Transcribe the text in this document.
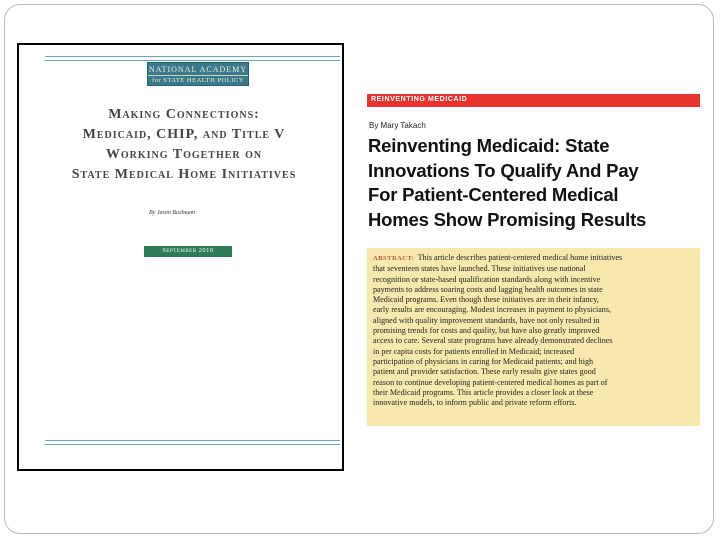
NATIONAL ACADEMY
for STATE HEALTH POLICY
Making Connections:
Medicaid, CHIP, and Title V
Working Together on
State Medical Home Initiatives
By Jason Buxbaum
September 2010
REINVENTING MEDICAID
By Mary Takach
Reinventing Medicaid: State
Innovations To Qualify And Pay
For Patient-Centered Medical
Homes Show Promising Results
ABSTRACT: This article describes patient-centered medical home initiatives
that seventeen states have launched. These initiatives use national
recognition or state-based qualification standards along with incentive
payments to address soaring costs and lagging health outcomes in state
Medicaid programs. Even though these initiatives are in their infancy,
early results are encouraging. Modest increases in payment to physicians,
aligned with quality improvement standards, have not only resulted in
promising trends for costs and quality, but have also greatly improved
access to care. Several state programs have already demonstrated declines
in per capita costs for patients enrolled in Medicaid; increased
participation of physicians in caring for Medicaid patients; and high
patient and provider satisfaction. These early results give states good
reason to continue developing patient-centered medical homes as part of
their Medicaid programs. This article provides a closer look at these
innovative models, to inform public and private reform efforts.
